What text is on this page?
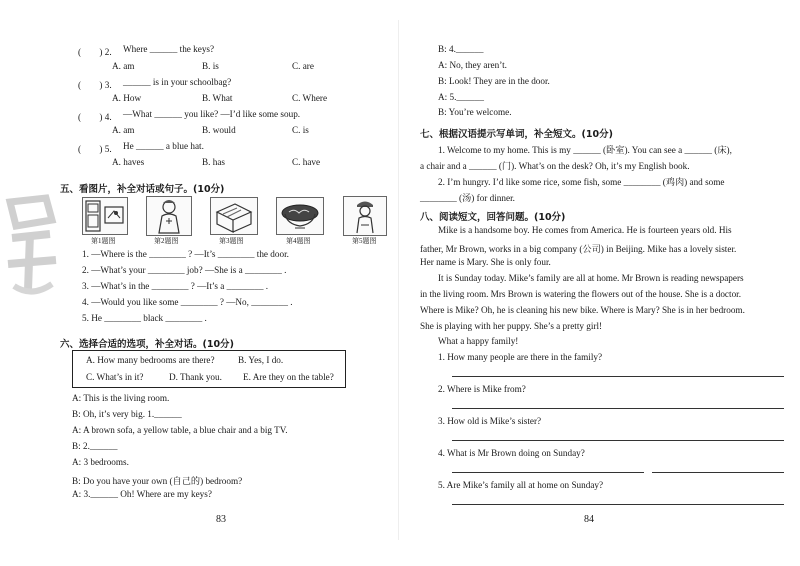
(　　) 2. Where ______ the keys?
A. am	B. is	C. are
(　　) 3. ______ is in your schoolbag?
A. How	B. What	C. Where
(　　) 4. —What ______ you like? —I’d like some soup.
A. am	B. would	C. is
(　　) 5. He ______ a blue hat.
A. haves	B. has	C. have
五、看图片，补全对话或句子。(10分)
第1题图	第2题图	第3题图	第4题图	第5题图
1. —Where is the ________ ? —It’s ________ the door.
2. —What’s your ________ job? —She is a ________ .
3. —What’s in the ________ ? —It’s a ________ .
4. —Would you like some ________ ? —No, ________ .
5. He ________ black ________ .
六、选择合适的选项，补全对话。(10分)
A. How many bedrooms are there?	B. Yes, I do.
C. What’s in it?	D. Thank you. E. Are they on the table?
A: This is the living room.
B: Oh, it’s very big. 1.______
A: A brown sofa, a yellow table, a blue chair and a big TV.
B: 2.______
A: 3 bedrooms.
B: Do you have your own (自己的) bedroom?
A: 3.______ Oh! Where are my keys?
83
B: 4.______
A: No, they aren’t.
B: Look! They are in the door.
A: 5.______
B: You’re welcome.
七、根据汉语提示写单词，补全短文。(10分)
1. Welcome to my home. This is my ______ (卧室). You can see a ______ (床),
a chair and a ______ (门). What’s on the desk? Oh, it’s my English book.
2. I’m hungry. I’d like some rice, some fish, some ________ (鸡肉) and some
________ (汤) for dinner.
八、阅读短文，回答问题。(10分)
Mike is a handsome boy. He comes from America. He is fourteen years old. His
father, Mr Brown, works in a big company (公司) in Beijing. Mike has a lovely sister.
Her name is Mary. She is only four.
It is Sunday today. Mike’s family are all at home. Mr Brown is reading newspapers
in the living room. Mrs Brown is watering the flowers out of the house. She is a doctor.
Where is Mike? Oh, he is cleaning his new bike. Where is Mary? She is in her bedroom.
She is playing with her puppy. She’s a pretty girl!
What a happy family!
1. How many people are there in the family?
2. Where is Mike from?
3. How old is Mike’s sister?
4. What is Mr Brown doing on Sunday?
5. Are Mike’s family all at home on Sunday?
84
